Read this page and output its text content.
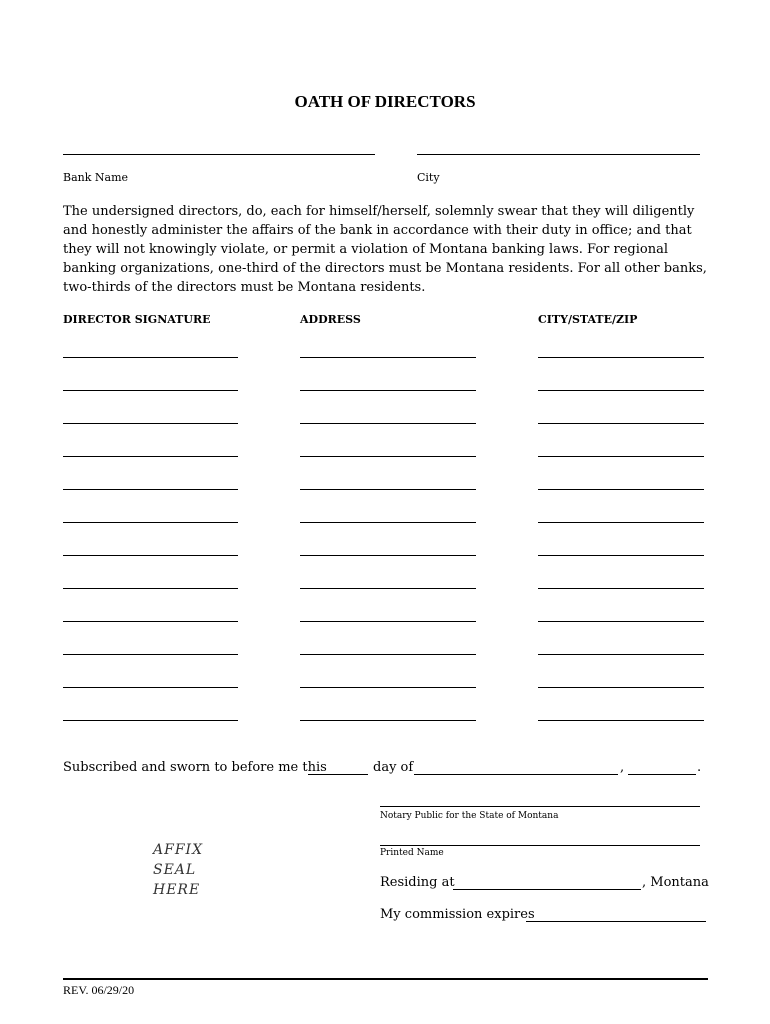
OATH OF DIRECTORS
Bank Name	City
The undersigned directors, do, each for himself/herself, solemnly swear that they will diligently and honestly administer the affairs of the bank in accordance with their duty in office; and that they will not knowingly violate, or permit a violation of Montana banking laws. For regional banking organizations, one-third of the directors must be Montana residents. For all other banks, two-thirds of the directors must be Montana residents.
DIRECTOR SIGNATURE	ADDRESS	CITY/STATE/ZIP
Subscribed and sworn to before me this	day of	,	.
Notary Public for the State of Montana
Printed Name
Residing at	, Montana
My commission expires
AFFIX
SEAL
HERE
REV. 06/29/20
